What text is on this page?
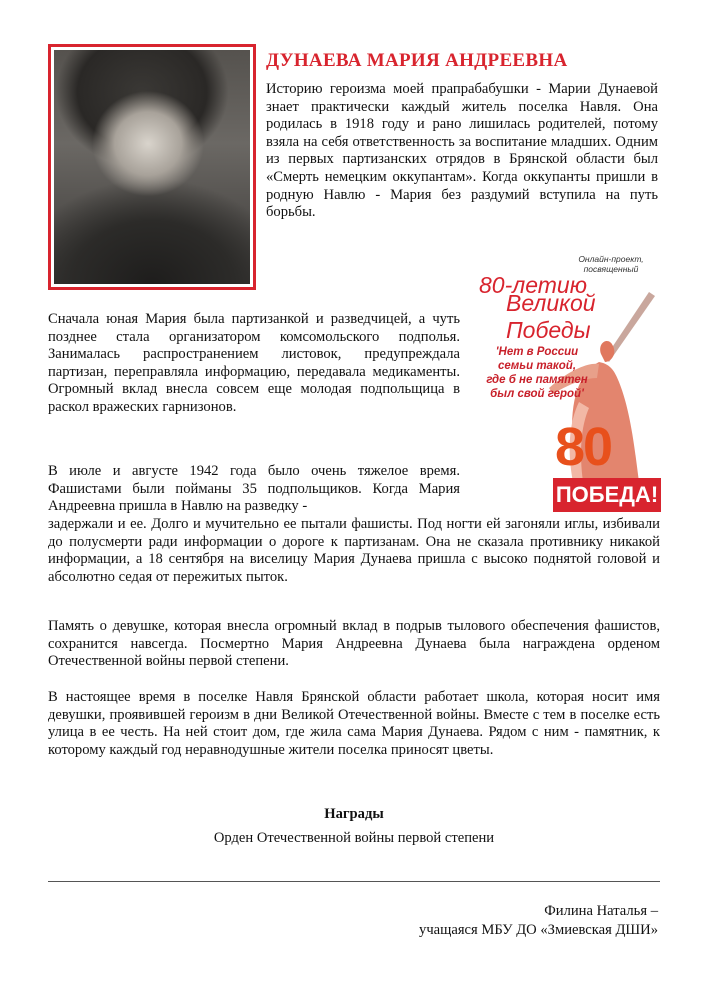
ДУНАЕВА МАРИЯ АНДРЕЕВНА
Историю героизма моей прапрабабушки - Марии Дунаевой знает практически каждый житель поселка Навля. Она родилась в 1918 году и рано лишилась родителей, потому взяла на себя ответственность за воспитание младших. Одним из первых партизанских отрядов в Брянской области был «Смерть немецким оккупантам». Когда оккупанты пришли в родную Навлю - Мария без раздумий вступила на путь борьбы.
Онлайн-проект,
посвященный
80-летию
Великой Победы
'Нет в России
семьи такой,
где б не памятен
был свой герой'
80
ПОБЕДА!
Сначала юная Мария была партизанкой и разведчицей, а чуть позднее стала организатором комсомольского подполья. Занималась распространением листовок, предупреждала партизан, переправляла информацию, передавала медикаменты. Огромный вклад внесла совсем еще молодая подпольщица в раскол вражеских гарнизонов.
В июле и августе 1942 года было очень тяжелое время. Фашистами были пойманы 35 подпольщиков. Когда Мария Андреевна пришла в Навлю на разведку -
задержали и ее. Долго и мучительно ее пытали фашисты. Под ногти ей загоняли иглы, избивали до полусмерти ради информации о дороге к партизанам. Она не сказала противнику никакой информации, а 18 сентября на виселицу Мария Дунаева пришла с высоко поднятой головой и абсолютно седая от пережитых пыток.
Память о девушке, которая внесла огромный вклад в подрыв тылового обеспечения фашистов, сохранится навсегда. Посмертно Мария Андреевна Дунаева была награждена орденом Отечественной войны первой степени.
В настоящее время в поселке Навля Брянской области работает школа, которая носит имя девушки, проявившей героизм в дни Великой Отечественной войны. Вместе с тем в поселке есть улица в ее честь. На ней стоит дом, где жила сама Мария Дунаева. Рядом с ним - памятник, к которому каждый год неравнодушные жители поселка приносят цветы.
Награды
Орден Отечественной войны первой степени
Филина Наталья –
учащаяся МБУ ДО «Змиевская ДШИ»
